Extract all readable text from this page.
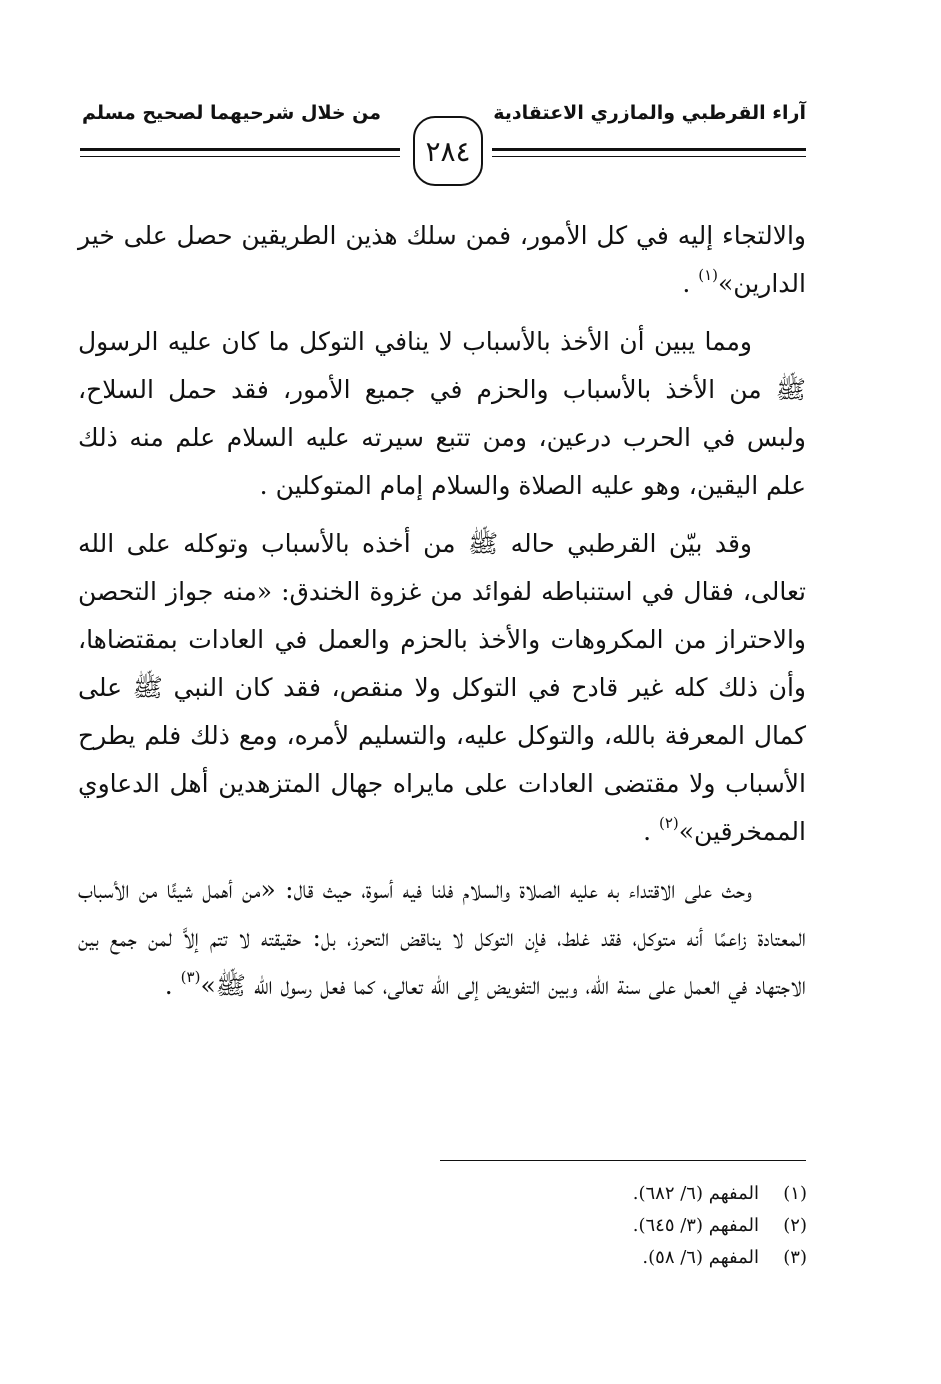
آراء القرطبي والمازري الاعتقادية
من خلال شرحيهما لصحيح مسلم
٢٨٤

والالتجاء إليه في كل الأمور، فمن سلك هذين الطريقين حصل على خير الدارين»$^{(١)}$ .

ومما يبين أن الأخذ بالأسباب لا ينافي التوكل ما كان عليه الرسول ﷺ من الأخذ بالأسباب والحزم في جميع الأمور، فقد حمل السلاح، ولبس في الحرب درعين، ومن تتبع سيرته عليه السلام علم منه ذلك علم اليقين، وهو عليه الصلاة والسلام إمام المتوكلين .

وقد بيّن القرطبي حاله ﷺ من أخذه بالأسباب وتوكله على الله تعالى، فقال في استنباطه لفوائد من غزوة الخندق: «منه جواز التحصن والاحتراز من المكروهات والأخذ بالحزم والعمل في العادات بمقتضاها، وأن ذلك كله غير قادح في التوكل ولا منقص، فقد كان النبي ﷺ على كمال المعرفة بالله، والتوكل عليه، والتسليم لأمره، ومع ذلك فلم يطرح الأسباب ولا مقتضى العادات على مايراه جهال المتزهدين أهل الدعاوي الممخرقين»$^{(٢)}$ .

وحث على الاقتداء به عليه الصلاة والسلام فلنا فيه أسوة، حيث قال: «من أهمل شيئًا من الأسباب المعتادة زاعمًا أنه متوكل، فقد غلط، فإن التوكل لا يناقض التحرز، بل: حقيقته لا تتم إلاَّ لمن جمع بين الاجتهاد في العمل على سنة الله، وبين التفويض إلى الله تعالى، كما فعل رسول الله ﷺ»$^{(٣)}$ .

(١)المفهم (٦/ ٦٨٢).
(٢)المفهم (٣/ ٦٤٥).
(٣)المفهم (٦/ ٥٨).
